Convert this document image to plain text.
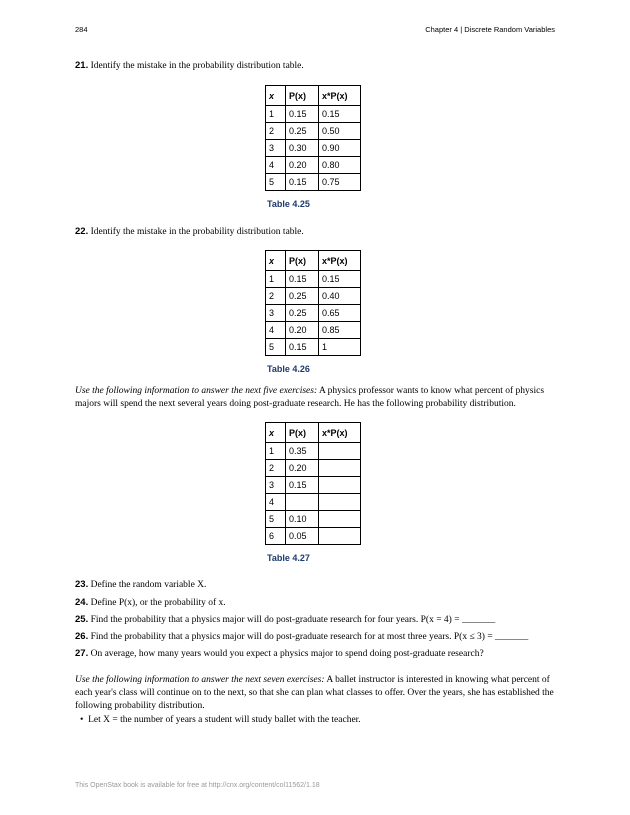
284	Chapter 4 | Discrete Random Variables
21. Identify the mistake in the probability distribution table.
x	P(x)	x*P(x)
1	0.15	0.15
2	0.25	0.50
3	0.30	0.90
4	0.20	0.80
5	0.15	0.75
Table 4.25
22. Identify the mistake in the probability distribution table.
x	P(x)	x*P(x)
1	0.15	0.15
2	0.25	0.40
3	0.25	0.65
4	0.20	0.85
5	0.15	1
Table 4.26
Use the following information to answer the next five exercises: A physics professor wants to know what percent of physics majors will spend the next several years doing post-graduate research. He has the following probability distribution.
x	P(x)	x*P(x)
1	0.35	
2	0.20	
3	0.15	
4		
5	0.10	
6	0.05	
Table 4.27
23. Define the random variable X.
24. Define P(x), or the probability of x.
25. Find the probability that a physics major will do post-graduate research for four years. P(x = 4) = _______
26. Find the probability that a physics major will do post-graduate research for at most three years. P(x ≤ 3) = _______
27. On average, how many years would you expect a physics major to spend doing post-graduate research?
Use the following information to answer the next seven exercises: A ballet instructor is interested in knowing what percent of each year's class will continue on to the next, so that she can plan what classes to offer. Over the years, she has established the following probability distribution.
• Let X = the number of years a student will study ballet with the teacher.
This OpenStax book is available for free at http://cnx.org/content/col11562/1.18
